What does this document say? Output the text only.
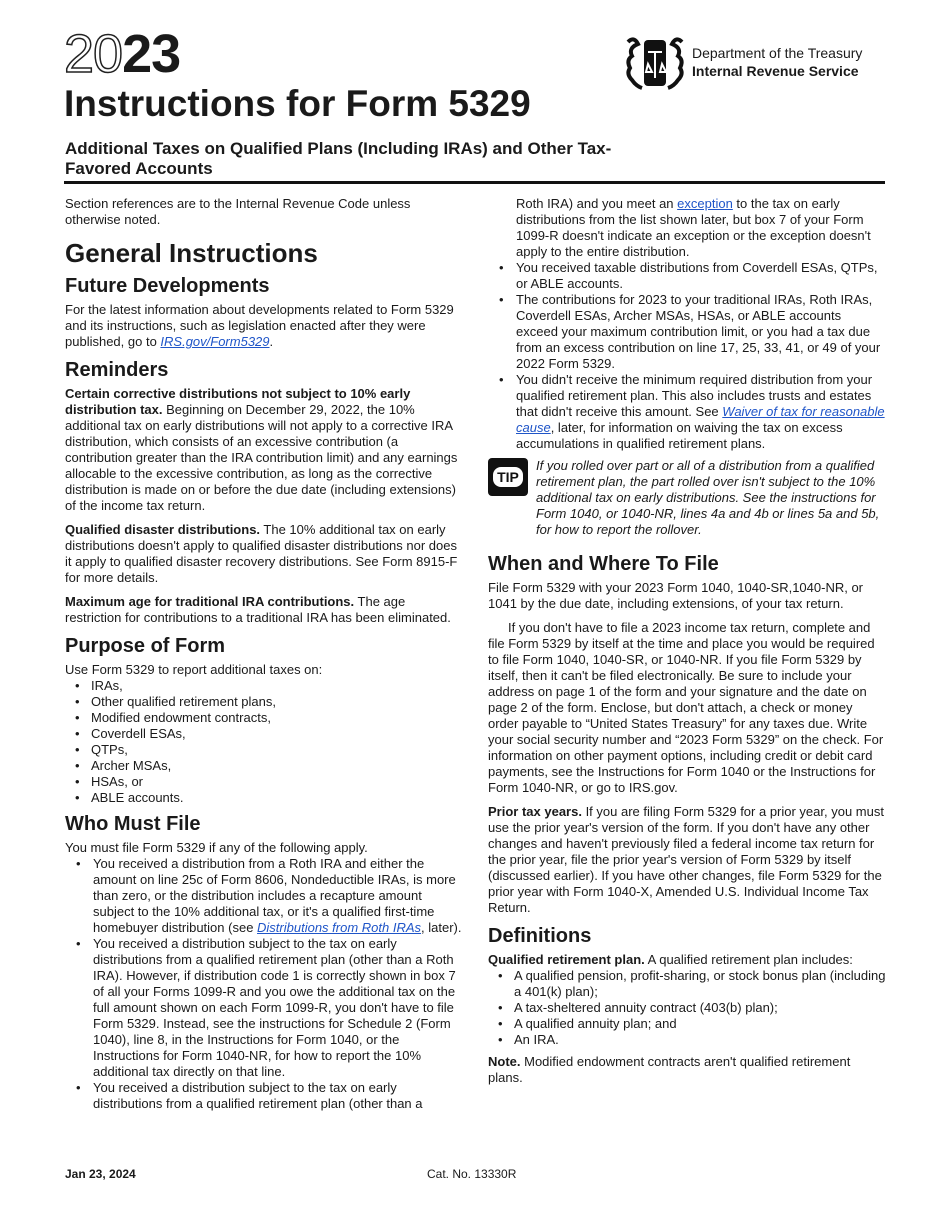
2023
Instructions for Form 5329
Additional Taxes on Qualified Plans (Including IRAs) and Other Tax-Favored Accounts
Department of the Treasury
Internal Revenue Service

Section references are to the Internal Revenue Code unless otherwise noted.

General Instructions
Future Developments

For the latest information about developments related to Form 5329 and its instructions, such as legislation enacted after they were published, go to IRS.gov/Form5329.

Reminders

Certain corrective distributions not subject to 10% early distribution tax. Beginning on December 29, 2022, the 10% additional tax on early distributions will not apply to a corrective IRA distribution, which consists of an excessive contribution (a contribution greater than the IRA contribution limit) and any earnings allocable to the excessive contribution, as long as the corrective distribution is made on or before the due date (including extensions) of the income tax return.

Qualified disaster distributions. The 10% additional tax on early distributions doesn't apply to qualified disaster distributions nor does it apply to qualified disaster recovery distributions. See Form 8915-F for more details.

Maximum age for traditional IRA contributions. The age restriction for contributions to a traditional IRA has been eliminated.

Purpose of Form

Use Form 5329 to report additional taxes on:

• IRAs,
• Other qualified retirement plans,
• Modified endowment contracts,
• Coverdell ESAs,
• QTPs,
• Archer MSAs,
• HSAs, or
• ABLE accounts.
Who Must File

You must file Form 5329 if any of the following apply.

• You received a distribution from a Roth IRA and either the amount on line 25c of Form 8606, Nondeductible IRAs, is more than zero, or the distribution includes a recapture amount subject to the 10% additional tax, or it's a qualified first-time homebuyer distribution (see Distributions from Roth IRAs, later).
• You received a distribution subject to the tax on early distributions from a qualified retirement plan (other than a Roth IRA). However, if distribution code 1 is correctly shown in box 7 of all your Forms 1099-R and you owe the additional tax on the full amount shown on each Form 1099-R, you don't have to file Form 5329. Instead, see the instructions for Schedule 2 (Form 1040), line 8, in the Instructions for Form 1040, or the Instructions for Form 1040-NR, for how to report the 10% additional tax directly on that line.
• You received a distribution subject to the tax on early distributions from a qualified retirement plan (other than a
Roth IRA) and you meet an exception to the tax on early distributions from the list shown later, but box 7 of your Form 1099-R doesn't indicate an exception or the exception doesn't apply to the entire distribution.
• You received taxable distributions from Coverdell ESAs, QTPs, or ABLE accounts.
• The contributions for 2023 to your traditional IRAs, Roth IRAs, Coverdell ESAs, Archer MSAs, HSAs, or ABLE accounts exceed your maximum contribution limit, or you had a tax due from an excess contribution on line 17, 25, 33, 41, or 49 of your 2022 Form 5329.
• You didn't receive the minimum required distribution from your qualified retirement plan. This also includes trusts and estates that didn't receive this amount. See Waiver of tax for reasonable cause, later, for information on waiving the tax on excess accumulations in qualified retirement plans.
TIP
If you rolled over part or all of a distribution from a qualified retirement plan, the part rolled over isn't subject to the 10% additional tax on early distributions. See the instructions for Form 1040, or 1040-NR, lines 4a and 4b or lines 5a and 5b, for how to report the rollover.
When and Where To File

File Form 5329 with your 2023 Form 1040, 1040-SR,1040-NR, or 1041 by the due date, including extensions, of your tax return.

If you don't have to file a 2023 income tax return, complete and file Form 5329 by itself at the time and place you would be required to file Form 1040, 1040-SR, or 1040-NR. If you file Form 5329 by itself, then it can't be filed electronically. Be sure to include your address on page 1 of the form and your signature and the date on page 2 of the form. Enclose, but don't attach, a check or money order payable to “United States Treasury” for any taxes due. Write your social security number and “2023 Form 5329” on the check. For information on other payment options, including credit or debit card payments, see the Instructions for Form 1040 or the Instructions for Form 1040-NR, or go to IRS.gov.

Prior tax years. If you are filing Form 5329 for a prior year, you must use the prior year's version of the form. If you don't have any other changes and haven't previously filed a federal income tax return for the prior year, file the prior year's version of Form 5329 by itself (discussed earlier). If you have other changes, file Form 5329 for the prior year with Form 1040-X, Amended U.S. Individual Income Tax Return.

Definitions

Qualified retirement plan. A qualified retirement plan includes:

• A qualified pension, profit-sharing, or stock bonus plan (including a 401(k) plan);
• A tax-sheltered annuity contract (403(b) plan);
• A qualified annuity plan; and
• An IRA.

Note. Modified endowment contracts aren't qualified retirement plans.

Jan 23, 2024	Cat. No. 13330R
